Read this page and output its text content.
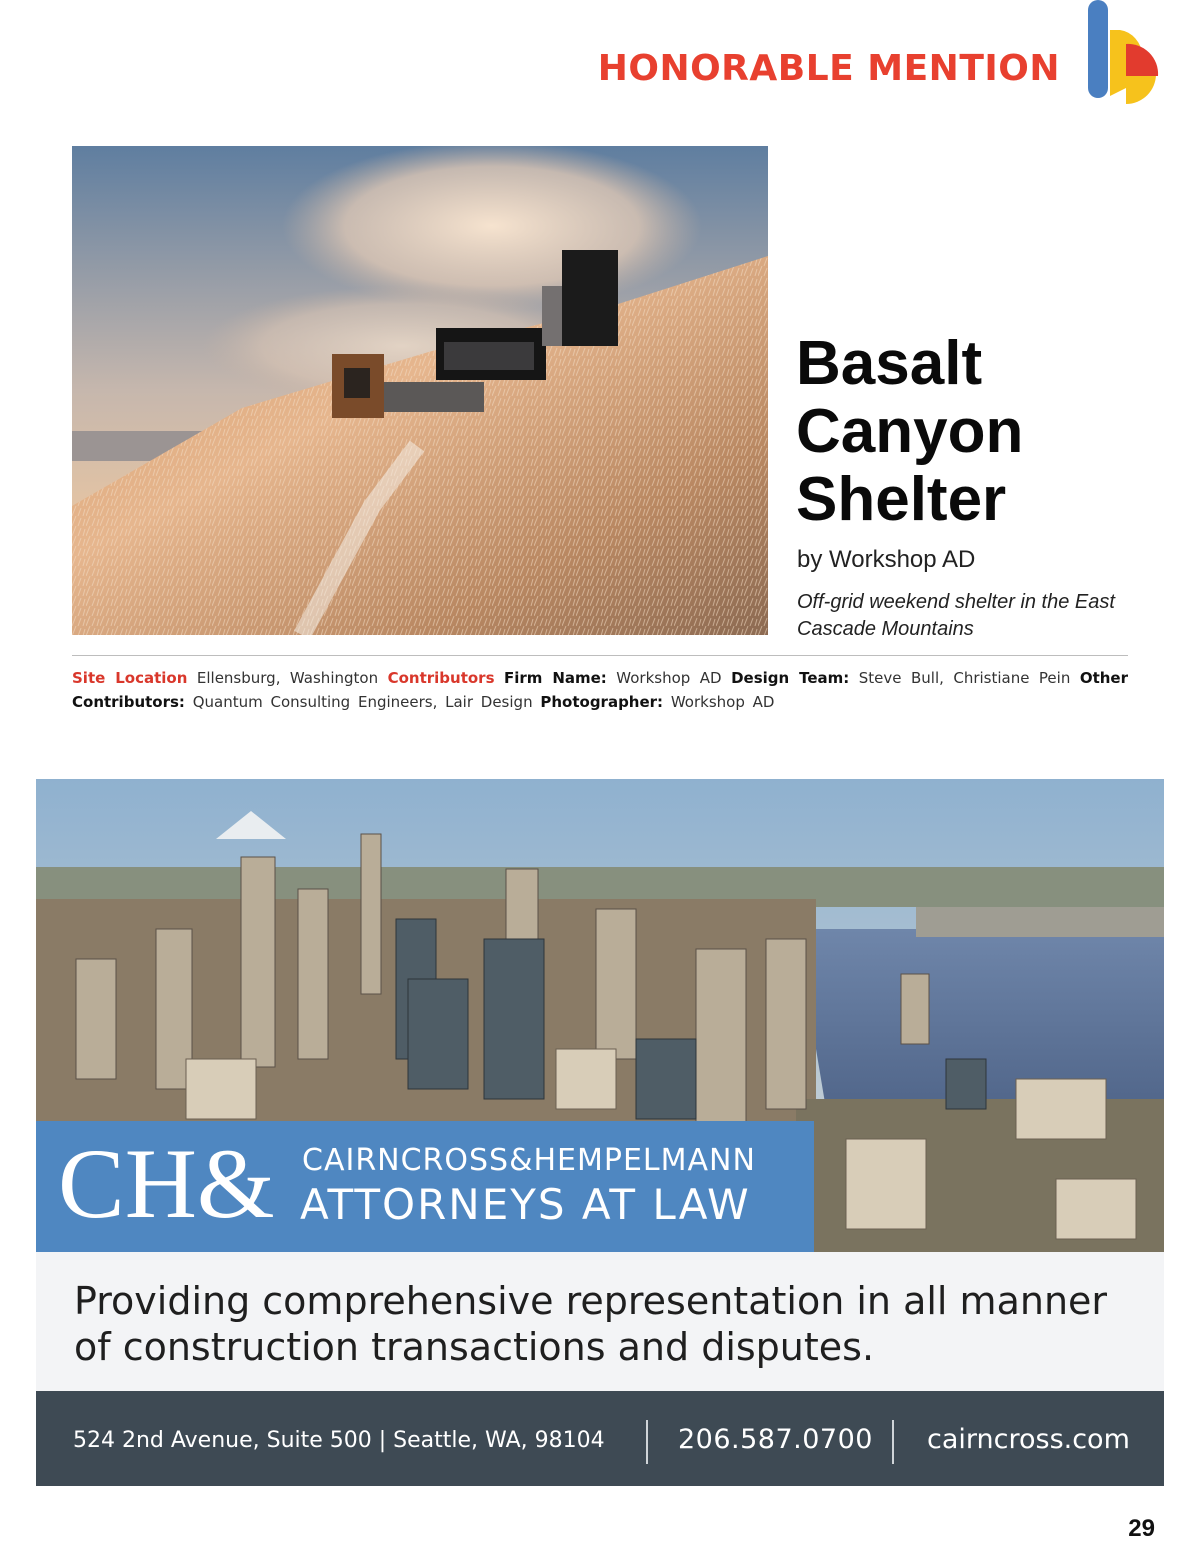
HONORABLE MENTION
Basalt
Canyon
Shelter
by Workshop AD
Off-grid weekend shelter in the East Cascade Mountains
Site Location Ellensburg, Washington Contributors Firm Name: Workshop AD Design Team: Steve Bull, Christiane Pein Other Contributors: Quantum Consulting Engineers, Lair Design Photographer: Workshop AD
CH& CAIRNCROSS&HEMPELMANN
ATTORNEYS AT LAW
Providing comprehensive representation in all manner of construction transactions and disputes.
524 2nd Avenue, Suite 500 | Seattle, WA, 98104	206.587.0700 cairncross.com
29
